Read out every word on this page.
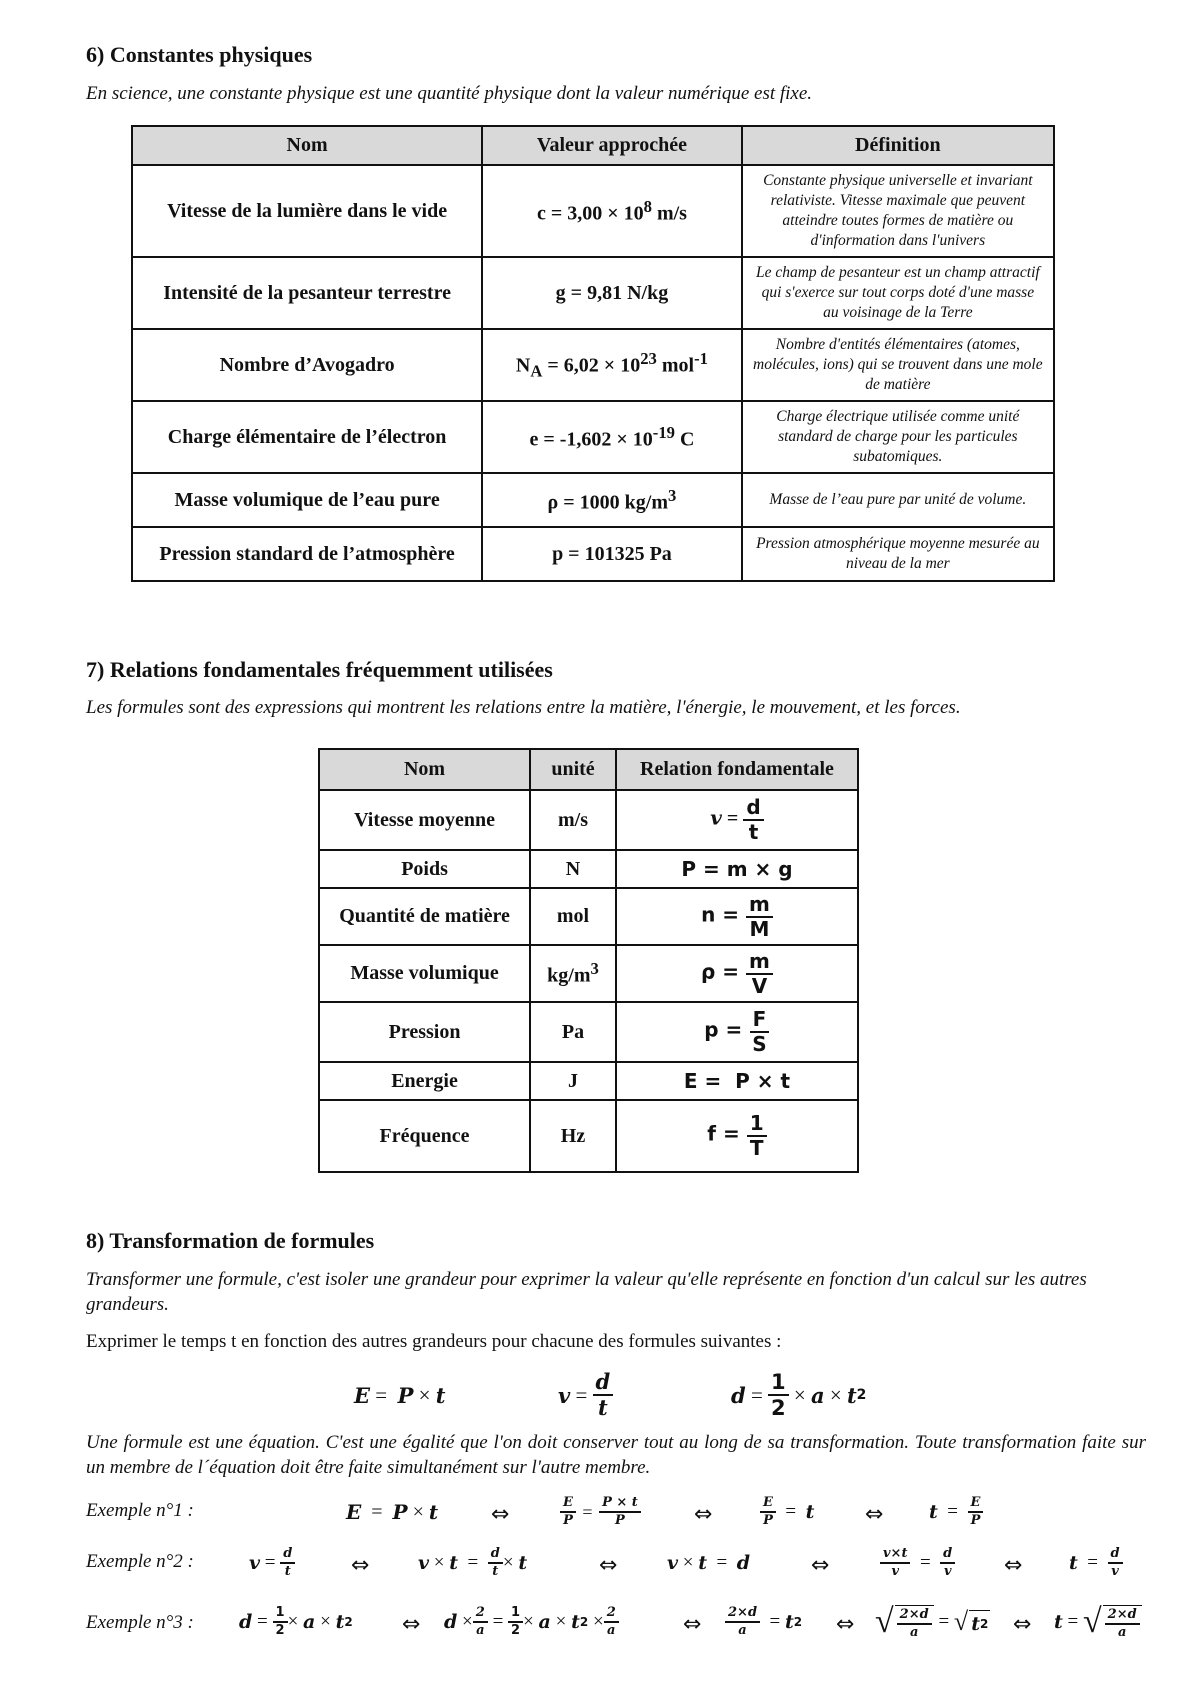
6) Constantes physiques
En science, une constante physique est une quantité physique dont la valeur numérique est fixe.
Nom	Valeur approchée	Définition
Vitesse de la lumière dans le vide	$c = 3,00 \times 10^8$ m/s	Constante physique universelle et invariant relativiste. Vitesse maximale que peuvent atteindre toutes formes de matière ou d'information dans l'univers
Intensité de la pesanteur terrestre	g = 9,81 N/kg	Le champ de pesanteur est un champ attractif qui s'exerce sur tout corps doté d'une masse au voisinage de la Terre
Nombre d’Avogadro	$N_A = 6,02 \times 10^{23}$ mol$^{-1}$	Nombre d'entités élémentaires (atomes, molécules, ions) qui se trouvent dans une mole de matière
Charge élémentaire de l’électron	$e = -1,602 \times 10^{-19}$ C	Charge électrique utilisée comme unité standard de charge pour les particules subatomiques.
Masse volumique de l’eau pure	ρ = 1000 $kg/m^3$	Masse de l’eau pure par unité de volume.
Pression standard de l’atmosphère	p = 101325 Pa	Pression atmosphérique moyenne mesurée au niveau de la mer
7) Relations fondamentales fréquemment utilisées
Les formules sont des expressions qui montrent les relations entre la matière, l'énergie, le mouvement, et les forces.
Nom	unité	Relation fondamentale
Vitesse moyenne	m/s	$v = \frac{d}{t}$

Poids	N	P = m × g
Quantité de matière	mol	$n = \frac{m}{M}$

Masse volumique	$kg/m^3$	$\rho = \frac{m}{V}$

Pression	Pa	$p = \frac{F}{S}$

Energie	J	E =  P × t
Fréquence	Hz	$f = \frac{1}{T}$
8) Transformation de formules
Transformer une formule, c'est isoler une grandeur pour exprimer la valeur qu'elle représente en fonction d'un calcul sur les autres grandeurs.
Exprimer le temps t en fonction des autres grandeurs pour chacune des formules suivantes :
E = P × t	$v = \frac{d}{t}$	$d = \frac{1}{2} \times a \times t$ 2
Une formule est une équation. C'est une égalité que l'on doit conserver tout au long de sa transformation. Toute transformation faite sur un membre de l´équation doit être faite simultanément sur l'autre membre.
Exemple n°1 :	E = P × t ⇔	$\frac{E}{P}$
=
$\frac{P \times t}{P}$ ⇔	$\frac{E}{P} = t$ ⇔ $t = \frac{E}{P}$
Exemple n°2 :	$v = \frac{d}{t}$	⇔	$v \times t = \frac{d}{t} \times t$	⇔	v × t = d	⇔	$\frac{v\times t}{v} = \frac{d}{v}$ ⇔ $t = \frac{d}{v}$
Exemple n°3 : $d = \frac{1}{2} \times a \times t$ 2 ⇔ $d \times \frac{2}{a} = \frac{1}{2} \times a \times t$ $2 \times \frac{2}{a}$	⇔ $\frac{2\times d}{a} = t$ 2 ⇔ √ $\frac{2\times d}{a}$ = √ t 2 ⇔ t = √ $\frac{2\times d}{a}$
